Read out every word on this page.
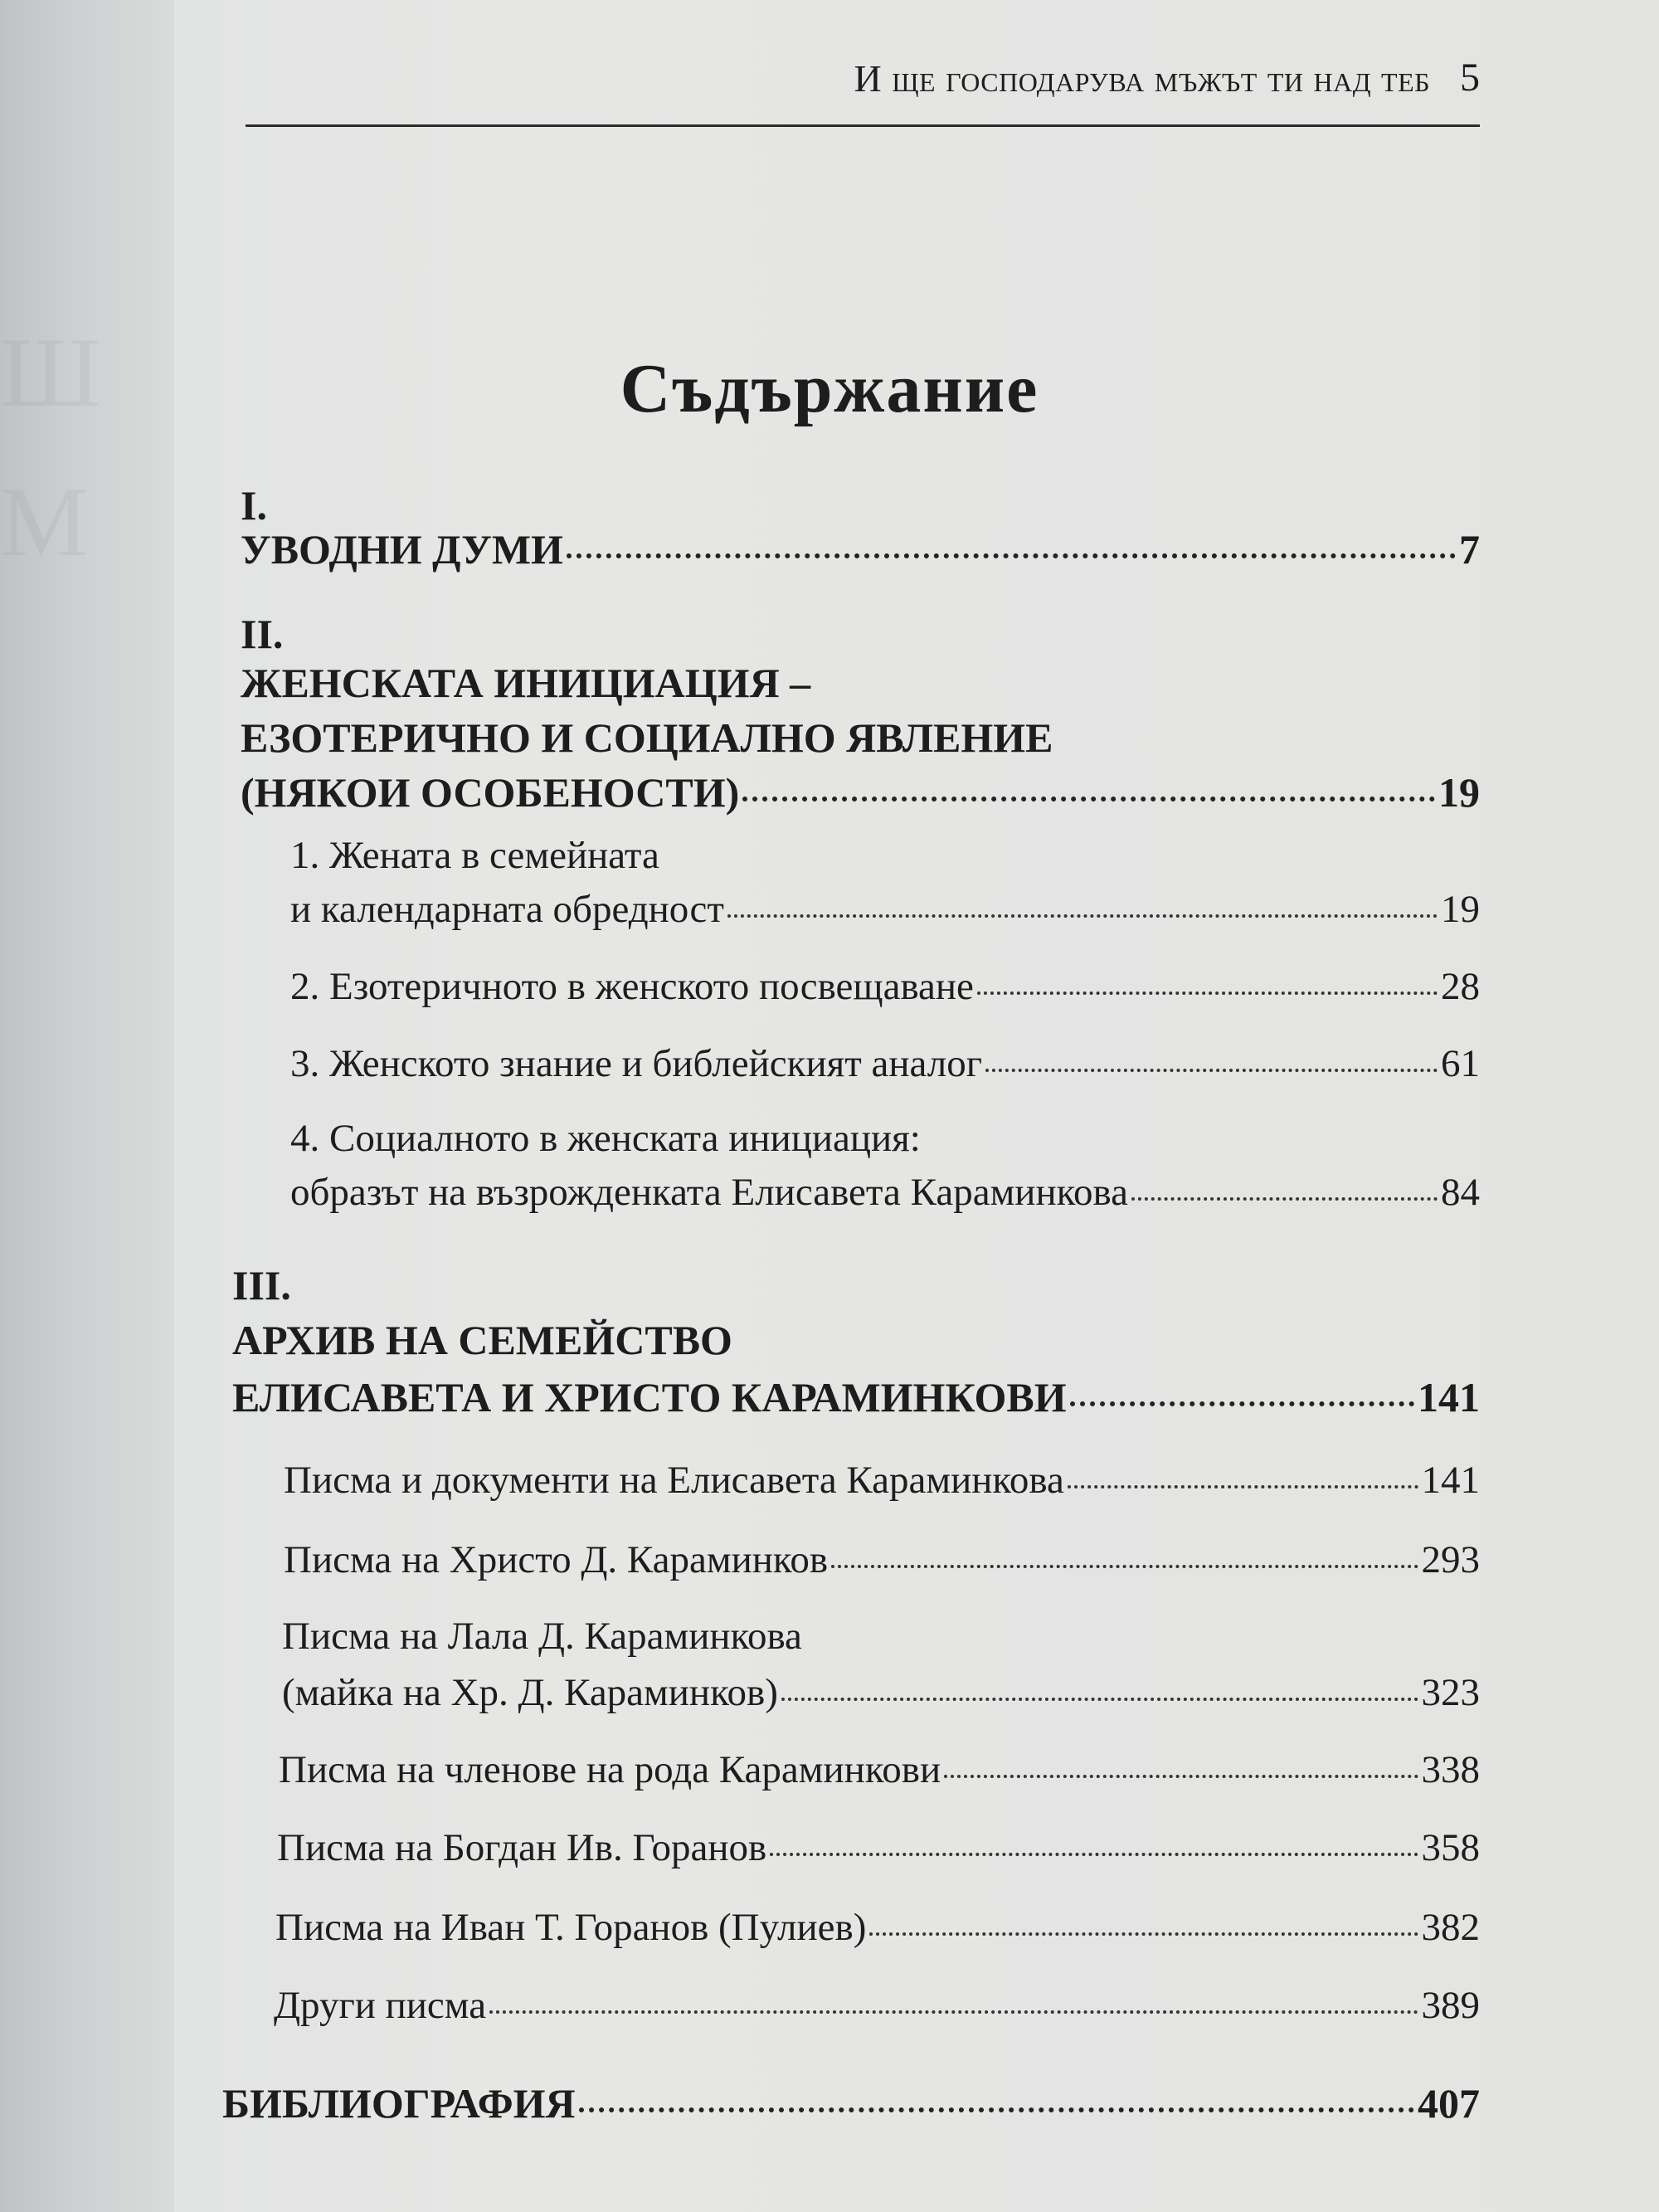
Ш
М
И ще господарува мъжът ти над теб 5
Съдържание
I.
УВОДНИ ДУМИ	7
II.
ЖЕНСКАТА ИНИЦИАЦИЯ –
ЕЗОТЕРИЧНО И СОЦИАЛНО ЯВЛЕНИЕ
(НЯКОИ ОСОБЕНОСТИ)	19
1. Жената в семейната
и календарната обредност	19
2. Езотеричното в женското посвещаване	28
3. Женското знание и библейският аналог	61
4. Социалното в женската инициация:
образът на възрожденката Елисавета Караминкова	84
III.
АРХИВ НА СЕМЕЙСТВО
ЕЛИСАВЕТА И ХРИСТО КАРАМИНКОВИ	141
Писма и документи на Елисавета Караминкова	141
Писма на Христо Д. Караминков	293
Писма на Лала Д. Караминкова
(майка на Хр. Д. Караминков)	323
Писма на членове на рода Караминкови	338
Писма на Богдан Ив. Горанов	358
Писма на Иван Т. Горанов (Пулиев)	382
Други писма	389
БИБЛИОГРАФИЯ	407
